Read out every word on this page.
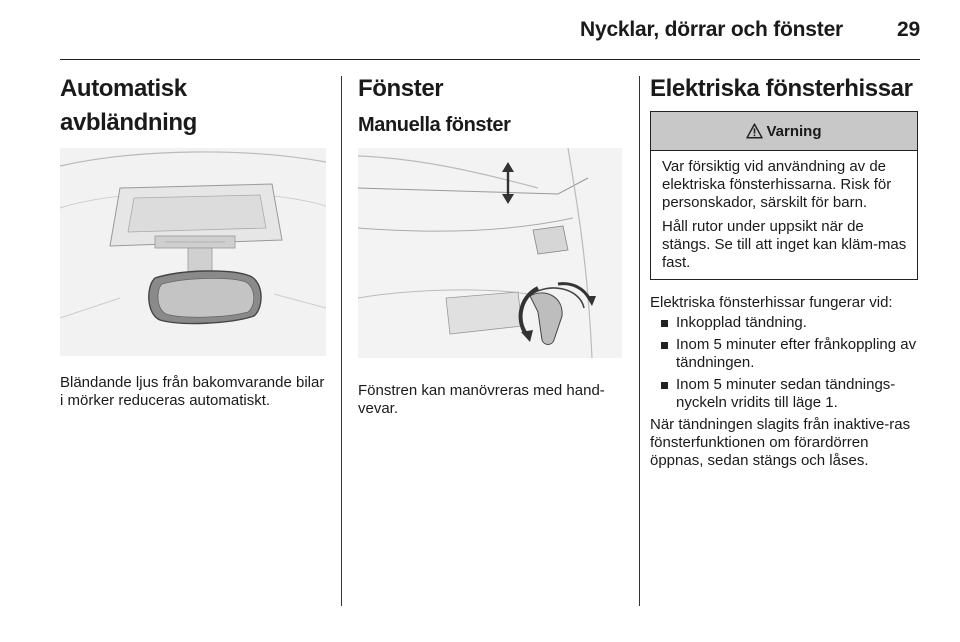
Nycklar, dörrar och fönster	29
Automatisk avbländning

Bländande ljus från bakomvarande bilar i mörker reduceras automatiskt.

Fönster
Manuella fönster

Fönstren kan manövreras med hand-vevar.

Elektriska fönsterhissar
Varning

Var försiktig vid användning av de elektriska fönsterhissarna. Risk för personskador, särskilt för barn.

Håll rutor under uppsikt när de stängs. Se till att inget kan kläm-mas fast.

Elektriska fönsterhissar fungerar vid:

Inkopplad tändning.
Inom 5 minuter efter frånkoppling av tändningen.
Inom 5 minuter sedan tändnings-nyckeln vridits till läge 1.

När tändningen slagits från inaktive-ras fönsterfunktionen om förardörren öppnas, sedan stängs och låses.
